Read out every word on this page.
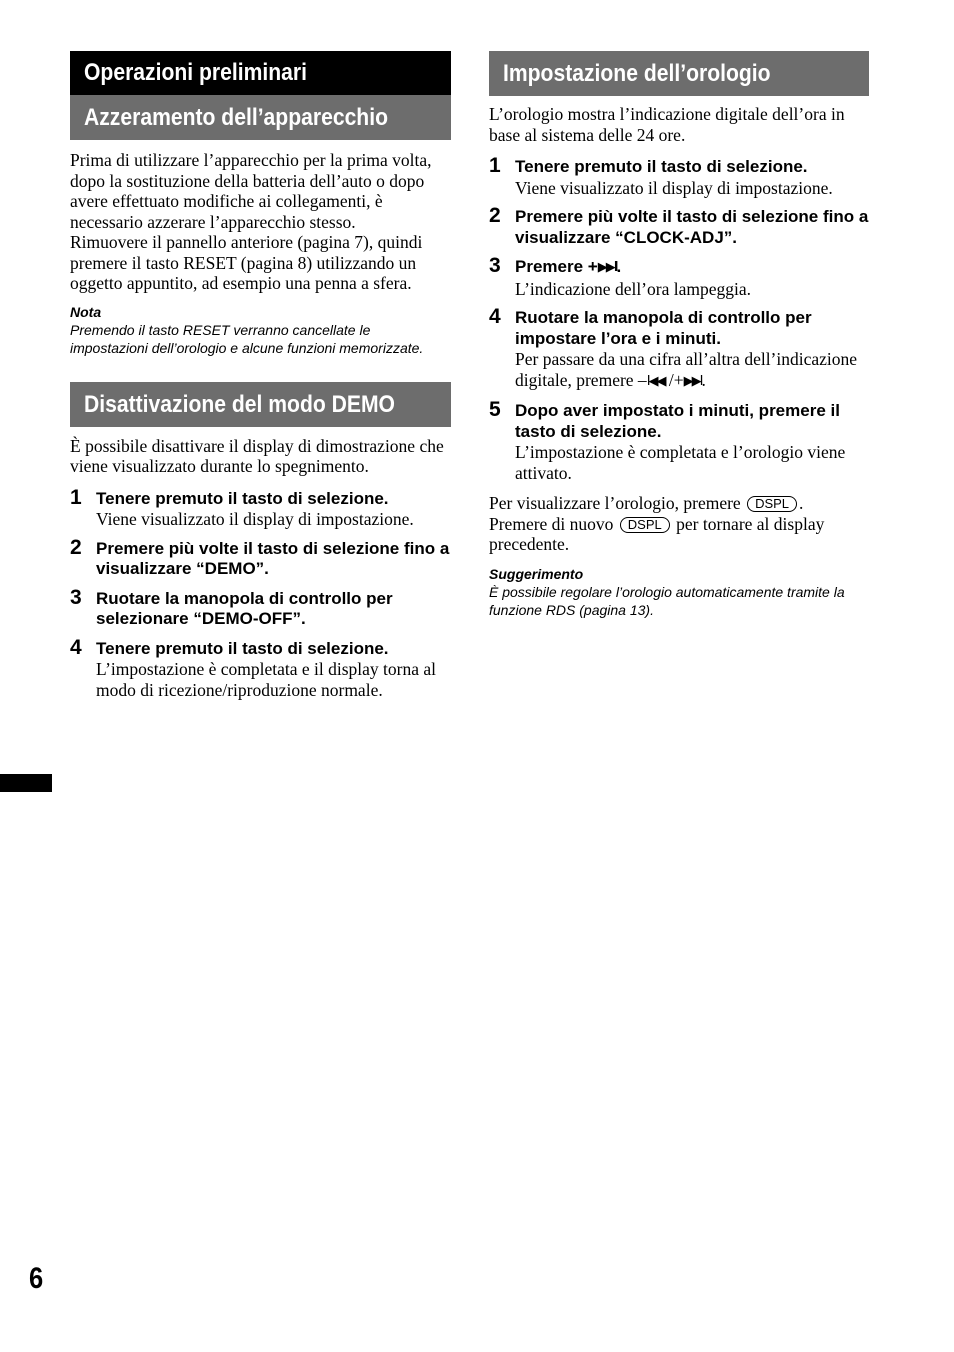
Operazioni preliminari
Azzeramento dell’apparecchio

Prima di utilizzare l’apparecchio per la prima volta, dopo la sostituzione della batteria dell’auto o dopo avere effettuato modifiche ai collegamenti, è necessario azzerare l’apparecchio stesso.

Rimuovere il pannello anteriore (pagina 7), quindi premere il tasto RESET (pagina 8) utilizzando un oggetto appuntito, ad esempio una penna a sfera.

Nota

Premendo il tasto RESET verranno cancellate le impostazioni dell’orologio e alcune funzioni memorizzate.

Disattivazione del modo DEMO

È possibile disattivare il display di dimostrazione che viene visualizzato durante lo spegnimento.

1 Tenere premuto il tasto di selezione.

Viene visualizzato il display di impostazione.

2 Premere più volte il tasto di selezione fino a visualizzare “DEMO”.

3 Ruotare la manopola di controllo per selezionare “DEMO-OFF”.

4 Tenere premuto il tasto di selezione.

L’impostazione è completata e il display torna al modo di ricezione/riproduzione normale.

Impostazione dell’orologio

L’orologio mostra l’indicazione digitale dell’ora in base al sistema delle 24 ore.

1 Tenere premuto il tasto di selezione.

Viene visualizzato il display di impostazione.

2 Premere più volte il tasto di selezione fino a visualizzare “CLOCK-ADJ”.

3 Premere +▶▶I.

L’indicazione dell’ora lampeggia.

4 Ruotare la manopola di controllo per impostare l’ora e i minuti.

Per passare da una cifra all’altra dell’indicazione digitale, premere –I◀◀ /+▶▶I.

5 Dopo aver impostato i minuti, premere il tasto di selezione.

L’impostazione è completata e l’orologio viene attivato.

Per visualizzare l’orologio, premere DSPL .
Premere di nuovo DSPL per tornare al display precedente.

Suggerimento

È possibile regolare l’orologio automaticamente tramite la funzione RDS (pagina 13).

6
